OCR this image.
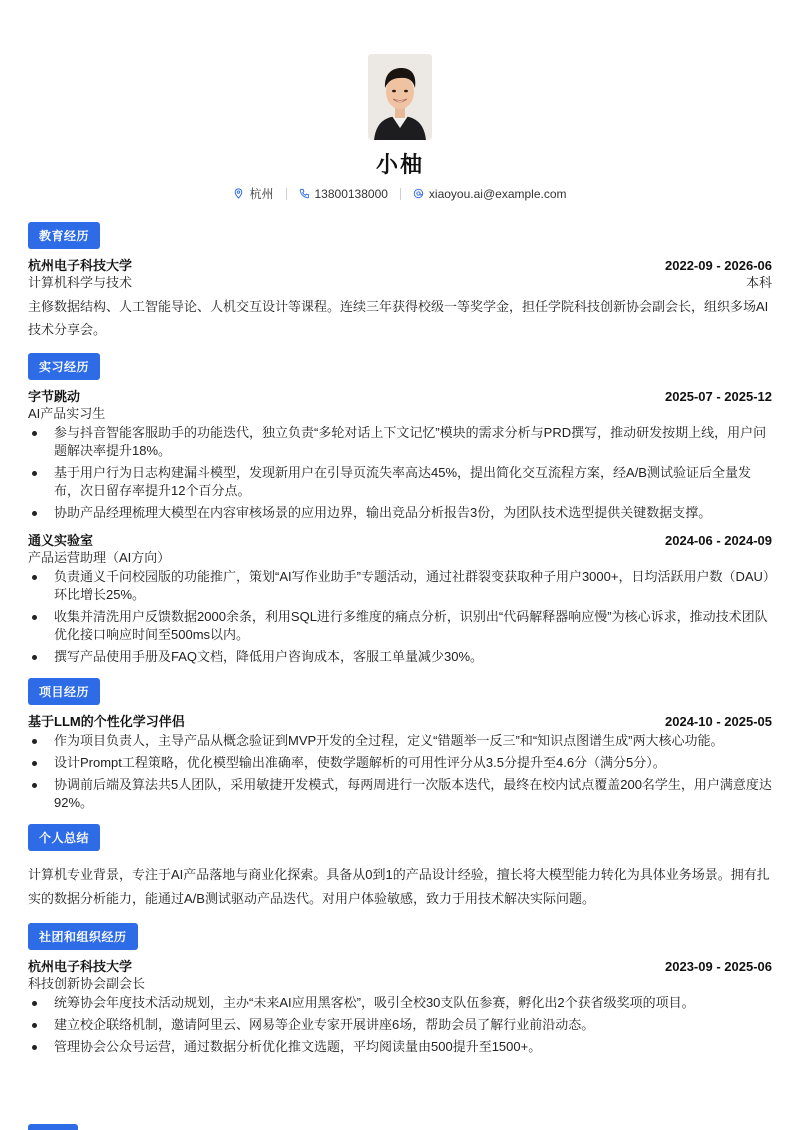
小柚
杭州	13800138000	xiaoyou.ai@example.com
教育经历
杭州电子科技大学	2022-09 - 2026-06
计算机科学与技术	本科
主修数据结构、人工智能导论、人机交互设计等课程。连续三年获得校级一等奖学金，担任学院科技创新协会副会长，组织多场AI技术分享会。
实习经历
字节跳动	2025-07 - 2025-12
AI产品实习生
参与抖音智能客服助手的功能迭代，独立负责“多轮对话上下文记忆”模块的需求分析与PRD撰写，推动研发按期上线，用户问题解决率提升18%。
基于用户行为日志构建漏斗模型，发现新用户在引导页流失率高达45%，提出简化交互流程方案，经A/B测试验证后全量发布，次日留存率提升12个百分点。
协助产品经理梳理大模型在内容审核场景的应用边界，输出竞品分析报告3份，为团队技术选型提供关键数据支撑。
通义实验室	2024-06 - 2024-09
产品运营助理（AI方向）
负责通义千问校园版的功能推广，策划“AI写作业助手”专题活动，通过社群裂变获取种子用户3000+，日均活跃用户数（DAU）环比增长25%。
收集并清洗用户反馈数据2000余条，利用SQL进行多维度的痛点分析，识别出“代码解释器响应慢”为核心诉求，推动技术团队优化接口响应时间至500ms以内。
撰写产品使用手册及FAQ文档，降低用户咨询成本，客服工单量减少30%。
项目经历
基于LLM的个性化学习伴侣	2024-10 - 2025-05
作为项目负责人，主导产品从概念验证到MVP开发的全过程，定义“错题举一反三”和“知识点图谱生成”两大核心功能。
设计Prompt工程策略，优化模型输出准确率，使数学题解析的可用性评分从3.5分提升至4.6分（满分5分）。
协调前后端及算法共5人团队，采用敏捷开发模式，每两周进行一次版本迭代，最终在校内试点覆盖200名学生，用户满意度达92%。
个人总结
计算机专业背景，专注于AI产品落地与商业化探索。具备从0到1的产品设计经验，擅长将大模型能力转化为具体业务场景。拥有扎实的数据分析能力，能通过A/B测试驱动产品迭代。对用户体验敏感，致力于用技术解决实际问题。
社团和组织经历
杭州电子科技大学	2023-09 - 2025-06
科技创新协会副会长
统筹协会年度技术活动规划，主办“未来AI应用黑客松”，吸引全校30支队伍参赛，孵化出2个获省级奖项的项目。
建立校企联络机制，邀请阿里云、网易等企业专家开展讲座6场，帮助会员了解行业前沿动态。
管理协会公众号运营，通过数据分析优化推文选题，平均阅读量由500提升至1500+。
